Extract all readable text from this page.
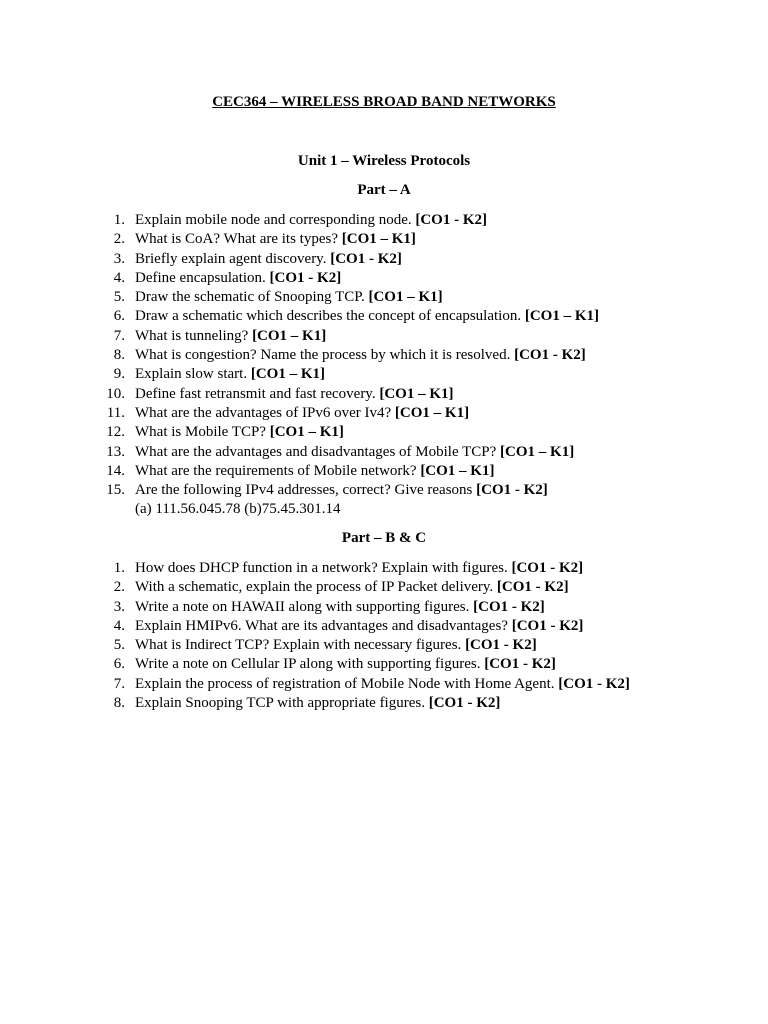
CEC364 – WIRELESS BROAD BAND NETWORKS
Unit 1 – Wireless Protocols
Part – A
1. Explain mobile node and corresponding node. [CO1 - K2]
2. What is CoA? What are its types? [CO1 – K1]
3. Briefly explain agent discovery. [CO1 - K2]
4. Define encapsulation. [CO1 - K2]
5. Draw the schematic of Snooping TCP. [CO1 – K1]
6. Draw a schematic which describes the concept of encapsulation. [CO1 – K1]
7. What is tunneling? [CO1 – K1]
8. What is congestion? Name the process by which it is resolved. [CO1 - K2]
9. Explain slow start. [CO1 – K1]
10. Define fast retransmit and fast recovery. [CO1 – K1]
11. What are the advantages of IPv6 over Iv4? [CO1 – K1]
12. What is Mobile TCP? [CO1 – K1]
13. What are the advantages and disadvantages of Mobile TCP? [CO1 – K1]
14. What are the requirements of Mobile network? [CO1 – K1]
15. Are the following IPv4 addresses, correct? Give reasons [CO1 - K2]
(a) 111.56.045.78 (b)75.45.301.14
Part – B & C
1. How does DHCP function in a network? Explain with figures. [CO1 - K2]
2. With a schematic, explain the process of IP Packet delivery. [CO1 - K2]
3. Write a note on HAWAII along with supporting figures. [CO1 - K2]
4. Explain HMIPv6. What are its advantages and disadvantages? [CO1 - K2]
5. What is Indirect TCP? Explain with necessary figures. [CO1 - K2]
6. Write a note on Cellular IP along with supporting figures. [CO1 - K2]
7. Explain the process of registration of Mobile Node with Home Agent. [CO1 - K2]
8. Explain Snooping TCP with appropriate figures. [CO1 - K2]
